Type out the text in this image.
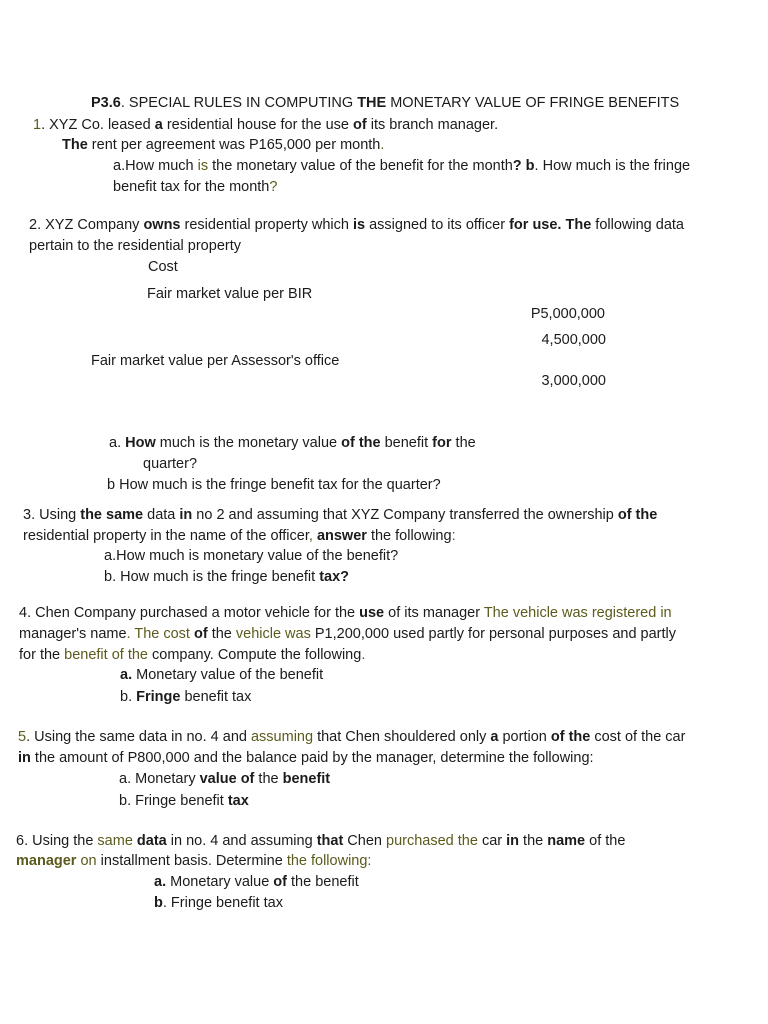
P3.6. SPECIAL RULES IN COMPUTING THE MONETARY VALUE OF FRINGE BENEFITS
1. XYZ Co. leased a residential house for the use of its branch manager.
The rent per agreement was P165,000 per month.
a.How much is the monetary value of the benefit for the month? b. How much is the fringe
benefit tax for the month?
2. XYZ Company owns residential property which is assigned to its officer for use. The following data
pertain to the residential property
Cost
Fair market value per BIR
P5,000,000
4,500,000
Fair market value per Assessor's office
3,000,000
a. How much is the monetary value of the benefit for the
quarter?
b How much is the fringe benefit tax for the quarter?
3. Using the same data in no 2 and assuming that XYZ Company transferred the ownership of the
residential property in the name of the officer, answer the following:
a.How much is monetary value of the benefit?
b. How much is the fringe benefit tax?
4. Chen Company purchased a motor vehicle for the use of its manager The vehicle was registered in
manager's name. The cost of the vehicle was P1,200,000 used partly for personal purposes and partly
for the benefit of the company. Compute the following.
a. Monetary value of the benefit
b. Fringe benefit tax
5. Using the same data in no. 4 and assuming that Chen shouldered only a portion of the cost of the car
in the amount of P800,000 and the balance paid by the manager, determine the following:
a. Monetary value of the benefit
b. Fringe benefit tax
6. Using the same data in no. 4 and assuming that Chen purchased the car in the name of the
manager on installment basis. Determine the following:
a. Monetary value of the benefit
b. Fringe benefit tax
